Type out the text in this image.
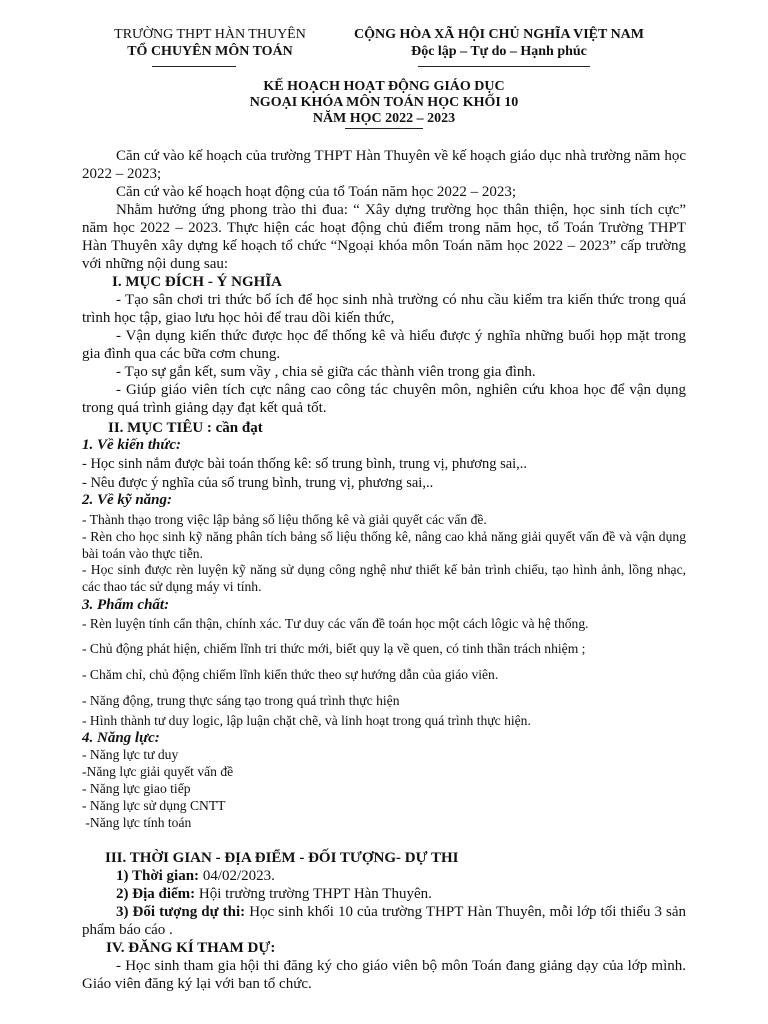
TRƯỜNG THPT HÀN THUYÊN
TỔ CHUYÊN MÔN TOÁN
CỘNG HÒA XÃ HỘI CHỦ NGHĨA VIỆT NAM
Độc lập – Tự do – Hạnh phúc
KẾ HOẠCH HOẠT ĐỘNG GIÁO DỤC
NGOẠI KHÓA MÔN TOÁN HỌC KHỐI 10
NĂM HỌC 2022 – 2023
Căn cứ vào kế hoạch của trường THPT Hàn Thuyên về kế hoạch giáo dục nhà trường năm học 2022 – 2023;
Căn cứ vào kế hoạch hoạt động của tổ Toán năm học 2022 – 2023;
Nhằm hưởng ứng phong trào thi đua: “ Xây dựng trường học thân thiện, học sinh tích cực” năm học 2022 – 2023. Thực hiện các hoạt động chủ điểm trong năm học, tổ Toán Trường THPT Hàn Thuyên xây dựng kế hoạch tổ chức “Ngoại khóa môn Toán năm học 2022 – 2023” cấp trường với những nội dung sau:
I. MỤC ĐÍCH - Ý NGHĨA
- Tạo sân chơi tri thức bổ ích để học sinh nhà trường có nhu cầu kiểm tra kiến thức trong quá trình học tập, giao lưu học hỏi để trau dồi kiến thức,
- Vận dụng kiến thức được học để thống kê và hiểu được ý nghĩa những buổi họp mặt trong gia đình qua các bữa cơm chung.
- Tạo sự gắn kết, sum vầy , chia sẻ giữa các thành viên trong gia đình.
- Giúp giáo viên tích cực nâng cao công tác chuyên môn, nghiên cứu khoa học để vận dụng trong quá trình giảng dạy đạt kết quả tốt.
II. MỤC TIÊU : cần đạt
1. Về kiến thức:
- Học sinh nắm được bài toán thống kê: số trung bình, trung vị, phương sai,..
- Nêu được ý nghĩa của số trung bình, trung vị, phương sai,..
2. Về kỹ năng:
- Thành thạo trong việc lập bảng số liệu thống kê và giải quyết các vấn đề.
- Rèn cho học sinh kỹ năng phân tích bảng số liệu thống kê, nâng cao khả năng giải quyết vấn đề và vận dụng bài toán vào thực tiễn.
- Học sinh được rèn luyện kỹ năng sử dụng công nghệ như thiết kế bản trình chiếu, tạo hình ảnh, lồng nhạc, các thao tác sử dụng máy vi tính.
3. Phẩm chất:
- Rèn luyện tính cẩn thận, chính xác. Tư duy các vấn đề toán học một cách lôgic và hệ thống.
- Chủ động phát hiện, chiếm lĩnh tri thức mới, biết quy lạ về quen, có tinh thần trách nhiệm ;
- Chăm chỉ, chủ động chiếm lĩnh kiến thức theo sự hướng dẫn của giáo viên.
- Năng động, trung thực sáng tạo trong quá trình thực hiện
- Hình thành tư duy logic, lập luận chặt chẽ, và linh hoạt trong quá trình thực hiện.
4. Năng lực:
- Năng lực tư duy
-Năng lực giải quyết vấn đề
- Năng lực giao tiếp
- Năng lực sử dụng CNTT
-Năng lực tính toán
III. THỜI GIAN - ĐỊA ĐIỂM - ĐỐI TƯỢNG- DỰ THI
1) Thời gian: 04/02/2023.
2) Địa điểm: Hội trường trường THPT Hàn Thuyên.
3) Đối tượng dự thi: Học sinh khối 10 của trường THPT Hàn Thuyên, mỗi lớp tối thiểu 3 sản phẩm báo cáo .
IV. ĐĂNG KÍ THAM DỰ:
- Học sinh tham gia hội thi đăng ký cho giáo viên bộ môn Toán đang giảng dạy của lớp mình. Giáo viên đăng ký lại với ban tổ chức.
